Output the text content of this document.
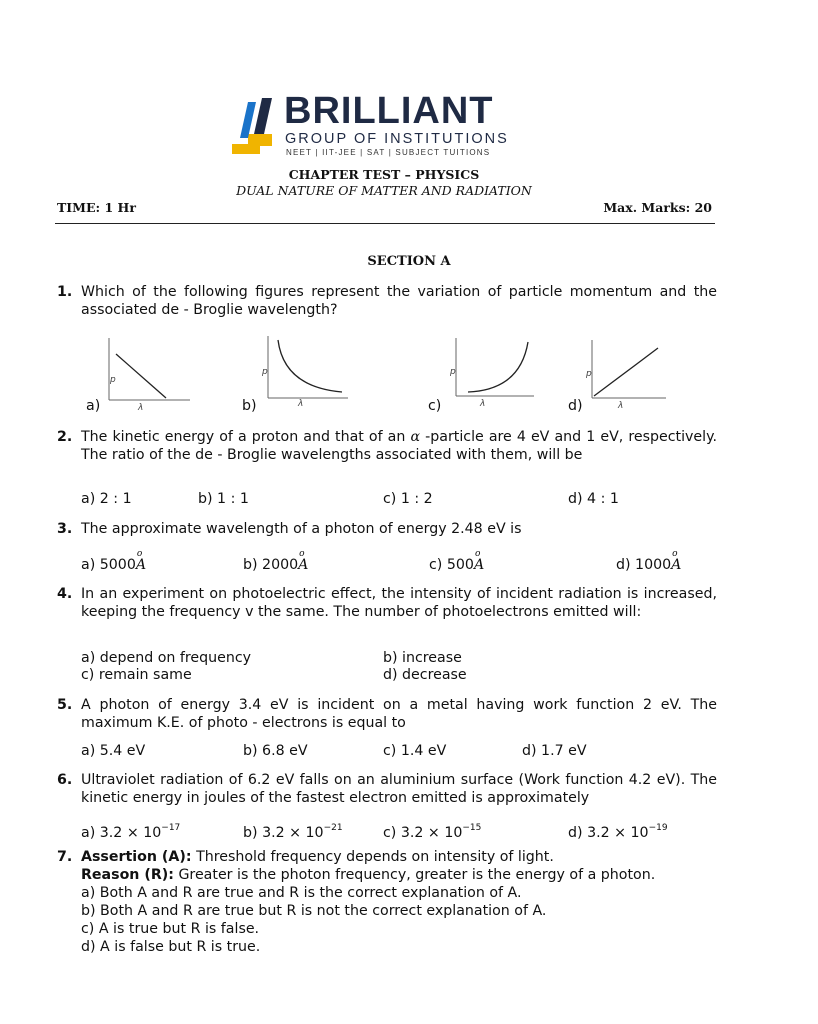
BRILLIANT
GROUP OF INSTITUTIONS
NEET | IIT-JEE | SAT | SUBJECT TUITIONS
CHAPTER TEST – PHYSICS
DUAL NATURE OF MATTER AND RADIATION
TIME: 1 Hr	Max. Marks: 20
SECTION A
1. Which of the following figures represent the variation of particle momentum and the associated de - Broglie wavelength?
a)
p
λ	b)
p
λ	c)
p
λ	d)
p
λ
2. The kinetic energy of a proton and that of an α -particle are 4 eV and 1 eV, respectively. The ratio of the de - Broglie wavelengths associated with them, will be
a) 2 : 1	b) 1 : 1	c) 1 : 2	d) 4 : 1
3. The approximate wavelength of a photon of energy 2.48 eV is
a) 5000
o
A	b) 2000
o
A	c) 500
o
A	d) 1000
o
A
4. In an experiment on photoelectric effect, the intensity of incident radiation is increased, keeping the frequency v the same. The number of photoelectrons emitted will:
a) depend on frequency	b) increase
c) remain same	d) decrease
5. A photon of energy 3.4 eV is incident on a metal having work function 2 eV. The maximum K.E. of photo - electrons is equal to
a) 5.4 eV	b) 6.8 eV	c) 1.4 eV	d) 1.7 eV
6. Ultraviolet radiation of 6.2 eV falls on an aluminium surface (Work function 4.2 eV). The kinetic energy in joules of the fastest electron emitted is approximately
a) $3.2 \times 10^{-17}$	b) $3.2 \times 10^{-21}$	c) $3.2 \times 10^{-15}$	d) $3.2 \times 10^{-19}$
7. Assertion (A): Threshold frequency depends on intensity of light.
Reason (R): Greater is the photon frequency, greater is the energy of a photon.
a) Both A and R are true and R is the correct explanation of A.
b) Both A and R are true but R is not the correct explanation of A.
c) A is true but R is false.
d) A is false but R is true.
